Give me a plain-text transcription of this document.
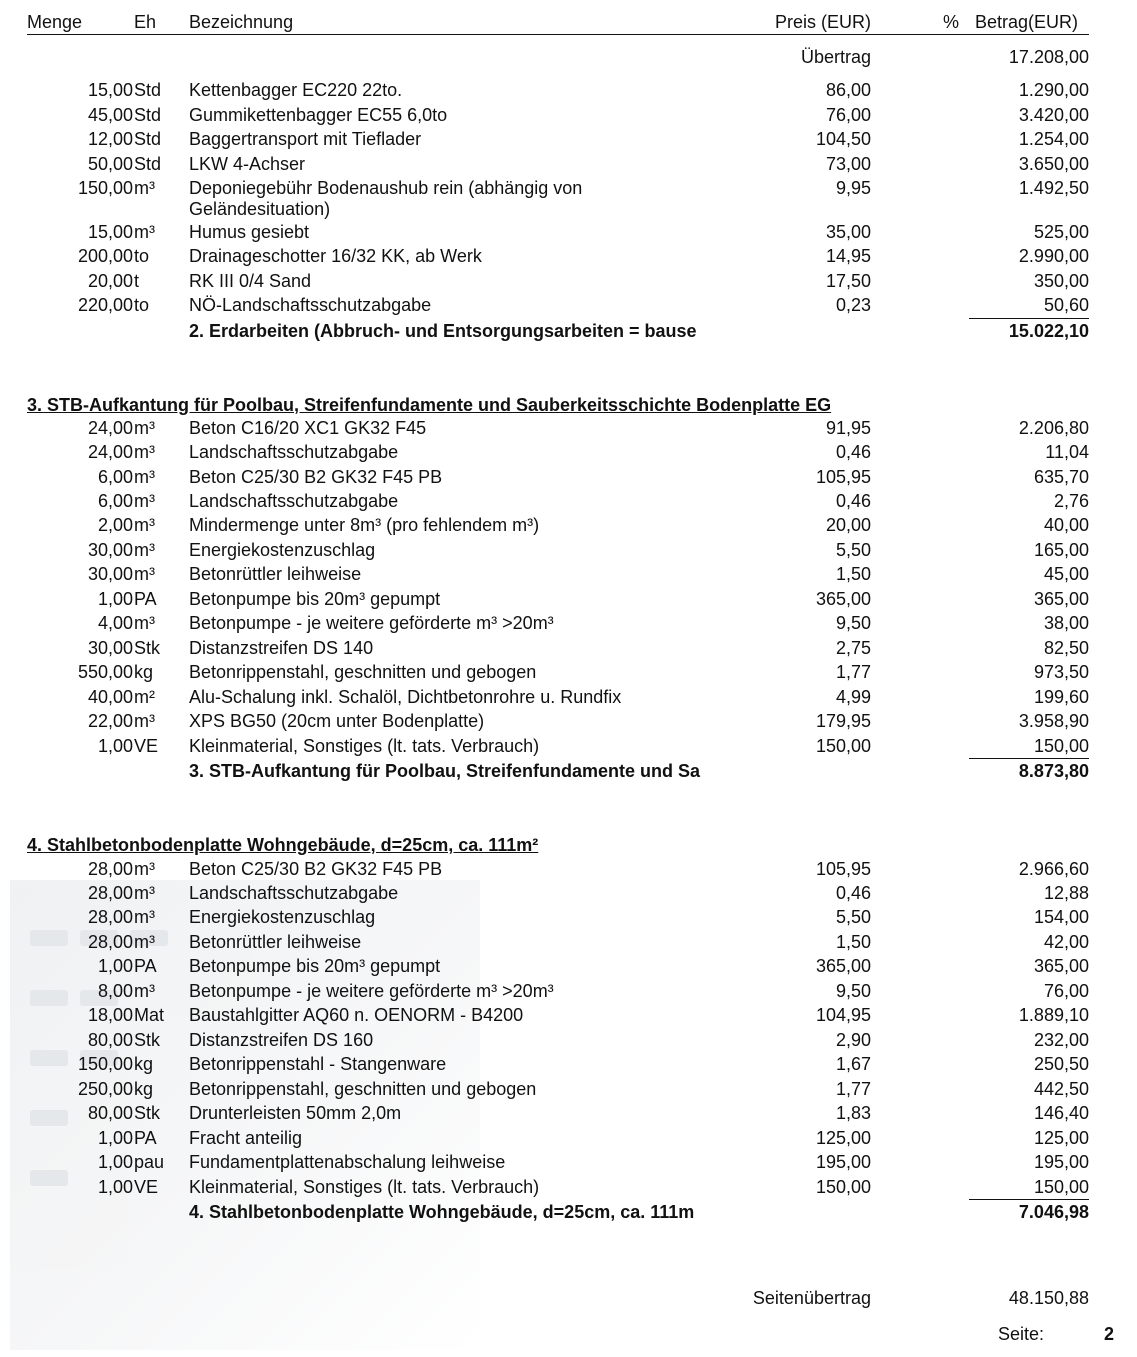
Menge	Eh Bezeichnung	Preis (EUR)	% Betrag(EUR)
Übertrag	17.208,00
15,00 Std Kettenbagger EC220 22to.	86,00	1.290,00
45,00 Std Gummikettenbagger EC55 6,0to	76,00	3.420,00
12,00 Std Baggertransport mit Tieflader	104,50	1.254,00
50,00 Std LKW 4-Achser	73,00	3.650,00
150,00 m³ Deponiegebühr Bodenaushub rein (abhängig von Geländesituation)
9,95	1.492,50
15,00 m³ Humus gesiebt	35,00	525,00
200,00 to Drainageschotter 16/32 KK, ab Werk	14,95	2.990,00
20,00 t	RK III 0/4 Sand	17,50	350,00
220,00 to NÖ-Landschaftsschutzabgabe	0,23	50,60
2. Erdarbeiten (Abbruch- und Entsorgungsarbeiten = bause	15.022,10
3. STB-Aufkantung für Poolbau, Streifenfundamente und Sauberkeitsschichte Bodenplatte EG
24,00 m³ Beton C16/20 XC1 GK32 F45	91,95	2.206,80
24,00 m³ Landschaftsschutzabgabe	0,46	11,04
6,00 m³ Beton C25/30 B2 GK32 F45 PB	105,95	635,70
6,00 m³ Landschaftsschutzabgabe	0,46	2,76
2,00 m³ Mindermenge unter 8m³ (pro fehlendem m³)	20,00	40,00
30,00 m³ Energiekostenzuschlag	5,50	165,00
30,00 m³ Betonrüttler leihweise	1,50	45,00
1,00 PA Betonpumpe bis 20m³ gepumpt	365,00	365,00
4,00 m³ Betonpumpe - je weitere geförderte m³ >20m³	9,50	38,00
30,00 Stk Distanzstreifen DS 140	2,75	82,50
550,00 kg Betonrippenstahl, geschnitten und gebogen	1,77	973,50
40,00 m² Alu-Schalung inkl. Schalöl, Dichtbetonrohre u. Rundfix	4,99	199,60
22,00 m³ XPS BG50 (20cm unter Bodenplatte)	179,95	3.958,90
1,00 VE Kleinmaterial, Sonstiges (lt. tats. Verbrauch)	150,00	150,00
3. STB-Aufkantung für Poolbau, Streifenfundamente und Sa	8.873,80
4. Stahlbetonbodenplatte Wohngebäude, d=25cm, ca. 111m²
28,00 m³ Beton C25/30 B2 GK32 F45 PB	105,95	2.966,60
28,00 m³ Landschaftsschutzabgabe	0,46	12,88
28,00 m³ Energiekostenzuschlag	5,50	154,00
28,00 m³ Betonrüttler leihweise	1,50	42,00
1,00 PA Betonpumpe bis 20m³ gepumpt	365,00	365,00
8,00 m³ Betonpumpe - je weitere geförderte m³ >20m³	9,50	76,00
18,00 Mat Baustahlgitter AQ60 n. OENORM - B4200	104,95	1.889,10
80,00 Stk Distanzstreifen DS 160	2,90	232,00
150,00 kg Betonrippenstahl - Stangenware	1,67	250,50
250,00 kg Betonrippenstahl, geschnitten und gebogen	1,77	442,50
80,00 Stk Drunterleisten 50mm 2,0m	1,83	146,40
1,00 PA Fracht anteilig	125,00	125,00
1,00 pau Fundamentplattenabschalung leihweise	195,00	195,00
1,00 VE Kleinmaterial, Sonstiges (lt. tats. Verbrauch)	150,00	150,00
4. Stahlbetonbodenplatte Wohngebäude, d=25cm, ca. 111m	7.046,98
Seitenübertrag	48.150,88
Seite:	2
